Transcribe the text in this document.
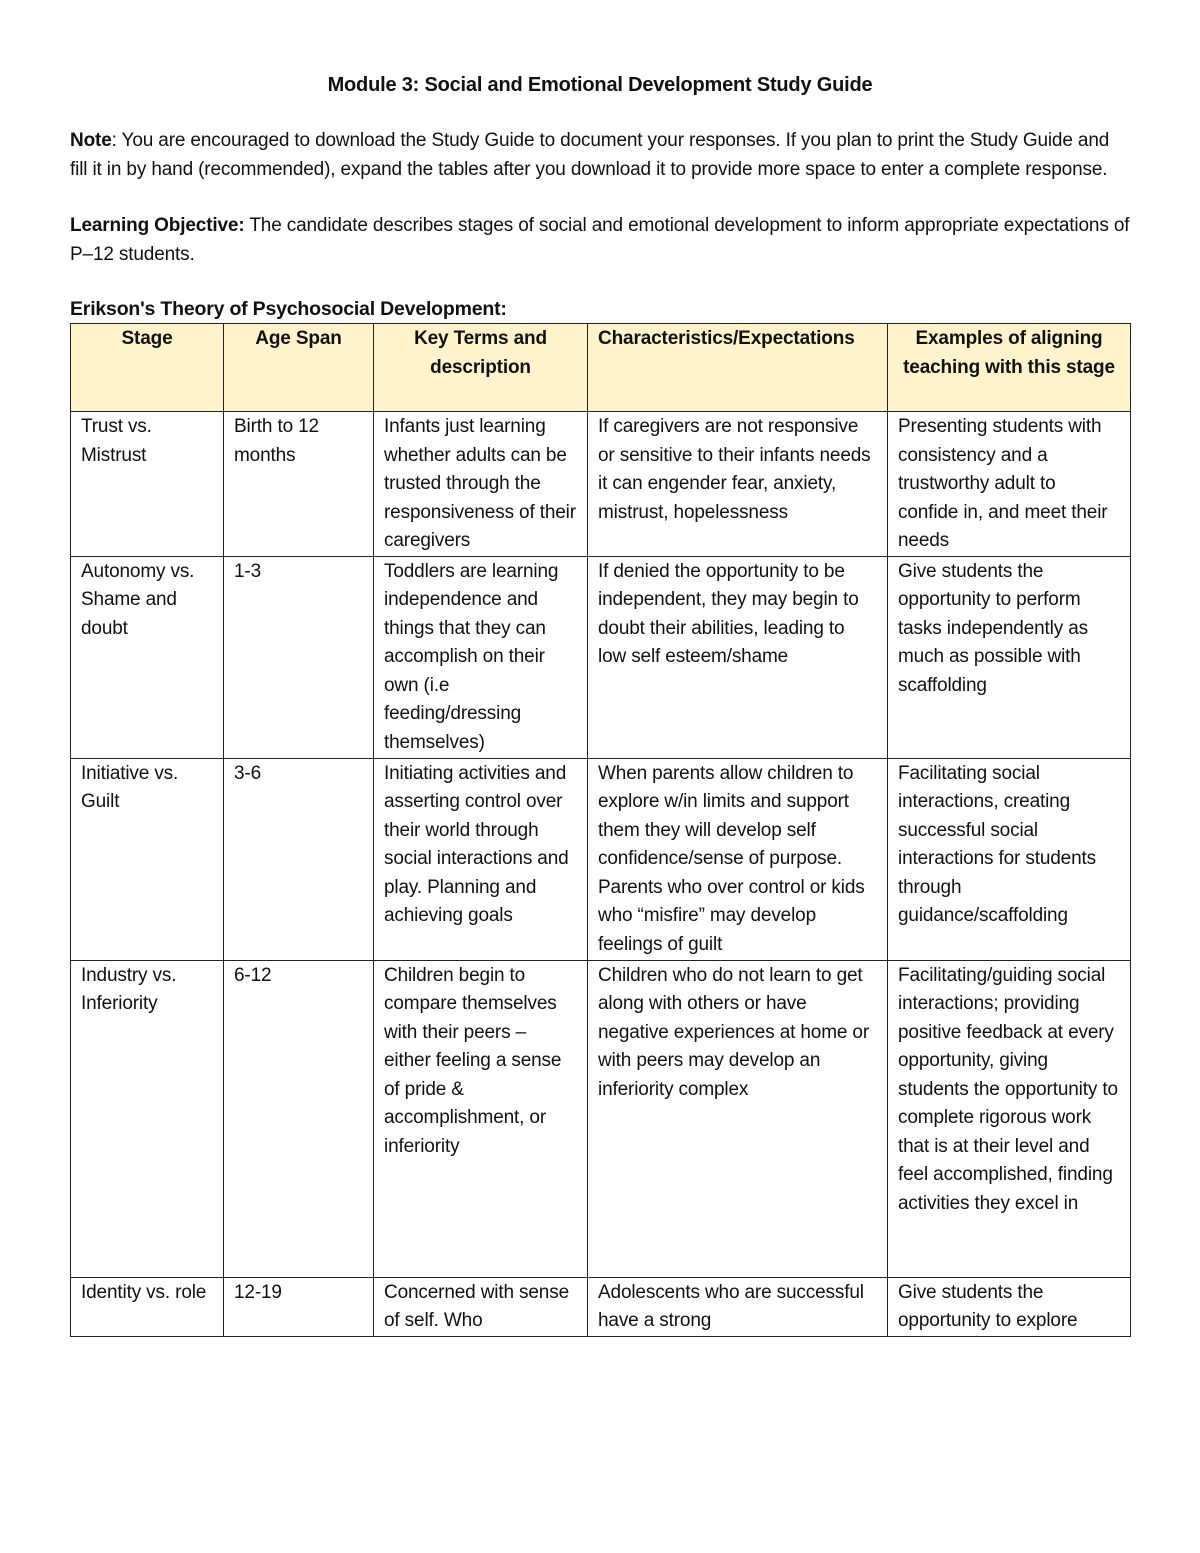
Module 3: Social and Emotional Development Study Guide

Note: You are encouraged to download the Study Guide to document your responses. If you plan to print the Study Guide and fill it in by hand (recommended), expand the tables after you download it to provide more space to enter a complete response.

Learning Objective: The candidate describes stages of social and emotional development to inform appropriate expectations of P–12 students.

Erikson's Theory of Psychosocial Development:
Stage	Age Span	Key Terms and description	Characteristics/Expectations	Examples of aligning teaching with this stage
Trust vs. Mistrust	Birth to 12 months	Infants just learning whether adults can be trusted through the responsiveness of their caregivers	If caregivers are not responsive or sensitive to their infants needs it can engender fear, anxiety, mistrust, hopelessness	Presenting students with consistency and a trustworthy adult to confide in, and meet their needs
Autonomy vs. Shame and doubt	1-3	Toddlers are learning independence and things that they can accomplish on their own (i.e feeding/dressing themselves)	If denied the opportunity to be independent, they may begin to doubt their abilities, leading to low self esteem/shame	Give students the opportunity to perform tasks independently as much as possible with scaffolding
Initiative vs. Guilt	3-6	Initiating activities and asserting control over their world through social interactions and play. Planning and achieving goals	When parents allow children to explore w/in limits and support them they will develop self confidence/sense of purpose. Parents who over control or kids who “misfire” may develop feelings of guilt	Facilitating social interactions, creating successful social interactions for students through guidance/scaffolding
Industry vs. Inferiority	6-12	Children begin to compare themselves with their peers – either feeling a sense of pride & accomplishment, or inferiority	Children who do not learn to get along with others or have negative experiences at home or with peers may develop an inferiority complex	Facilitating/guiding social interactions; providing positive feedback at every opportunity, giving students the opportunity to complete rigorous work that is at their level and feel accomplished, finding activities they excel in
Identity vs. role	12-19	Concerned with sense of self. Who	Adolescents who are successful have a strong	Give students the opportunity to explore
